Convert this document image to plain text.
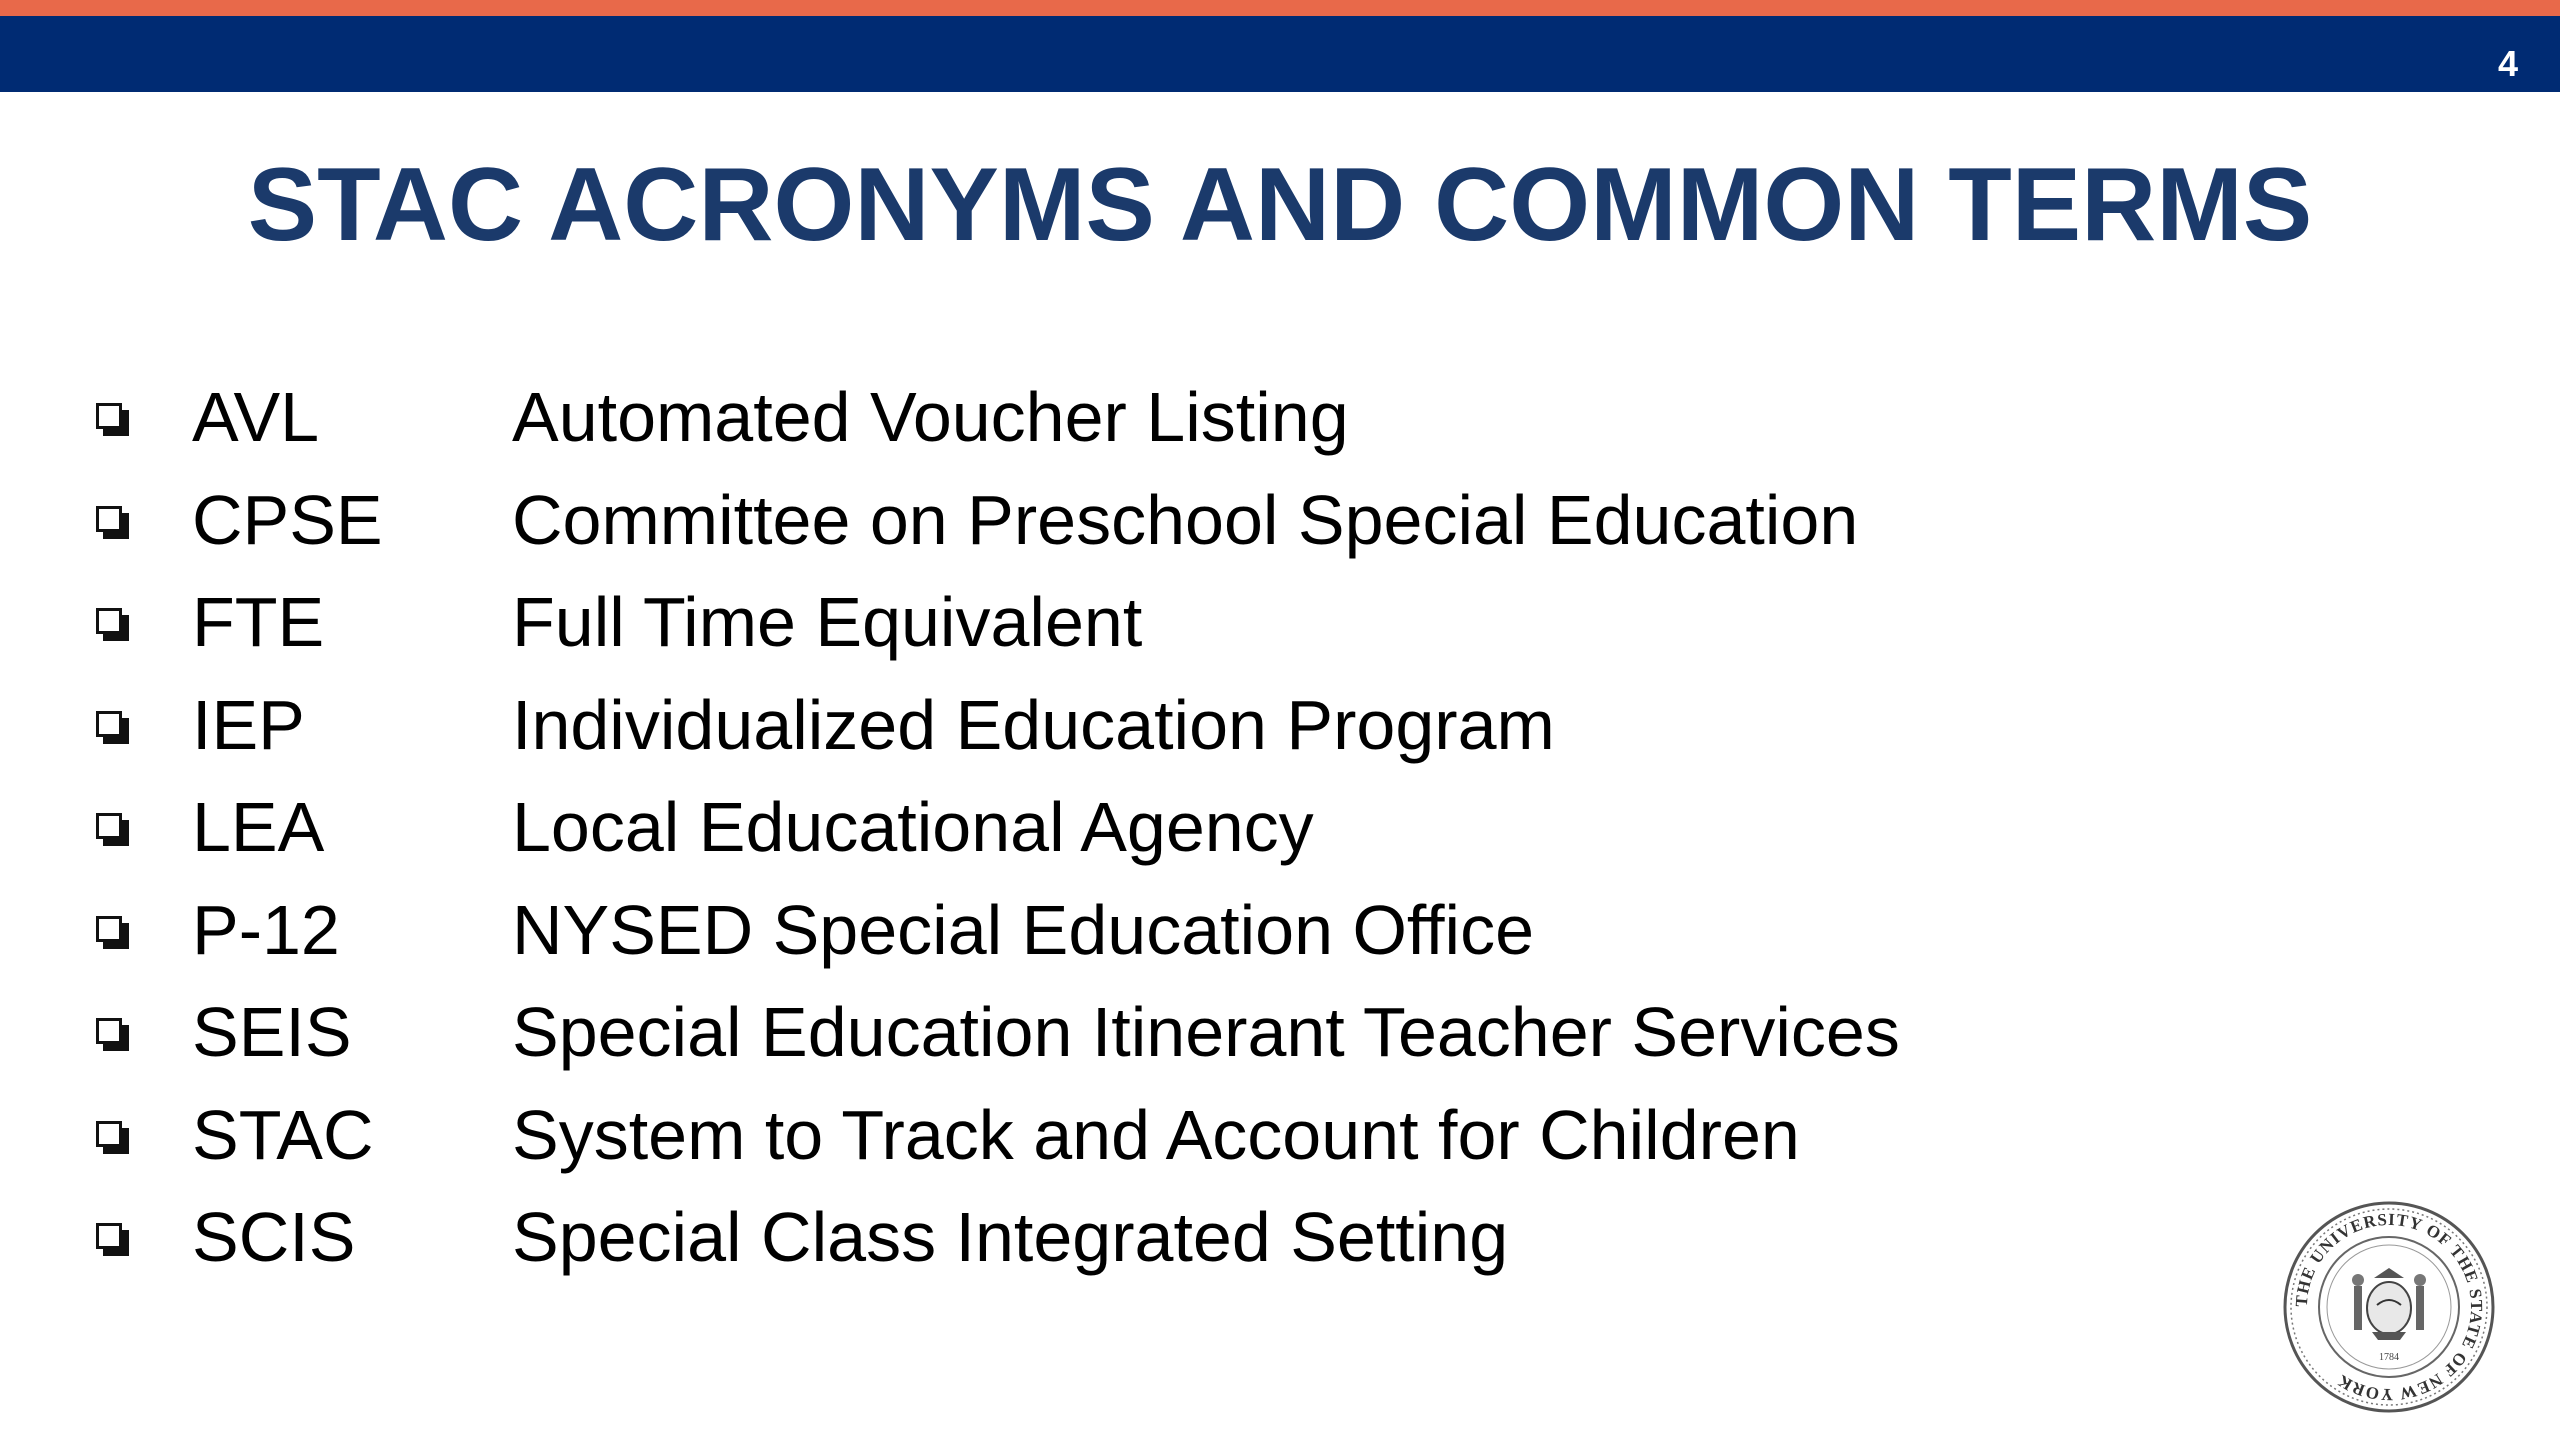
4
STAC ACRONYMS AND COMMON TERMS
AVL	Automated Voucher Listing
CPSE	Committee on Preschool Special Education
FTE	Full Time Equivalent
IEP	Individualized Education Program
LEA	Local Educational Agency
P-12	NYSED Special Education Office
SEIS	Special Education Itinerant Teacher Services
STAC	System to Track and Account for Children
SCIS	Special Class Integrated Setting
THE UNIVERSITY OF THE STATE OF NEW YORK
1784
